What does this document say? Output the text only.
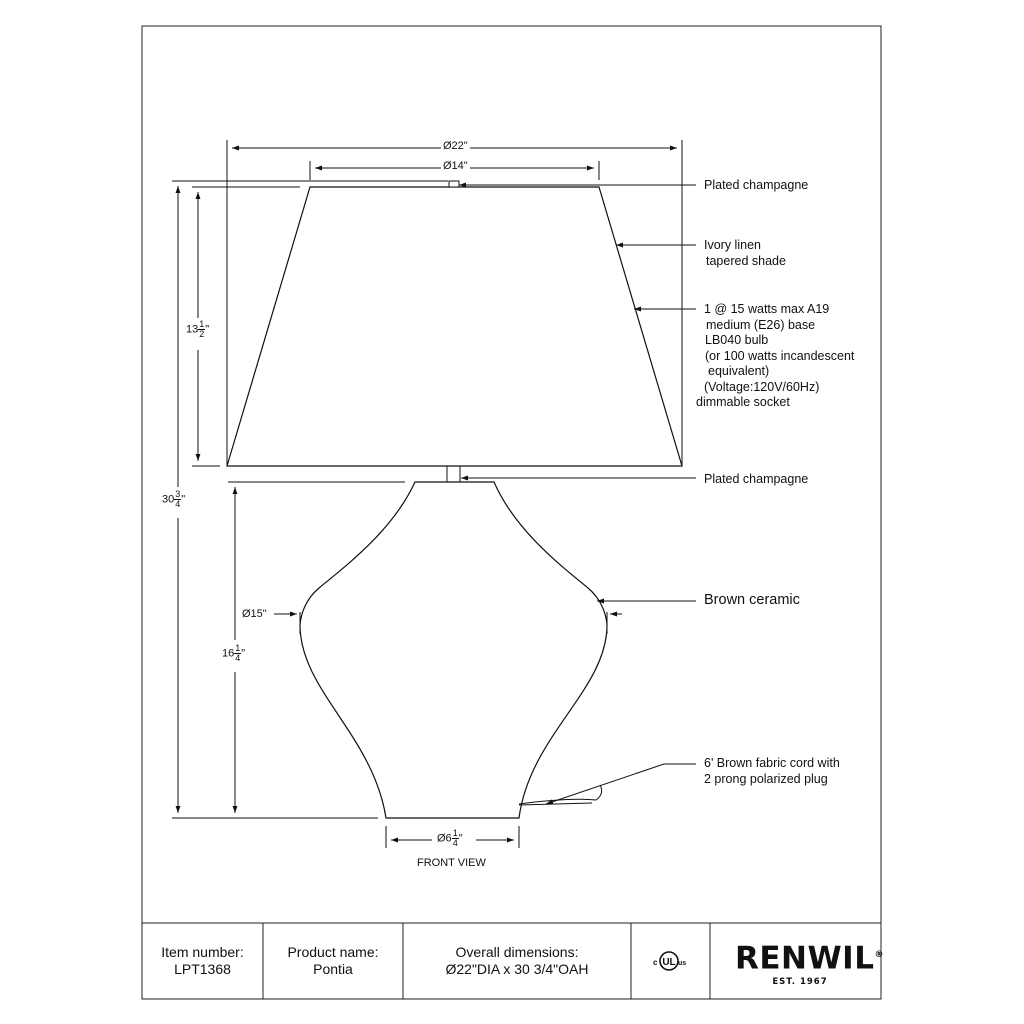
Ø22"
Ø14"
$13 \frac{1}{2}$ "
$30 \frac{3}{4}$ "
$16 \frac{1}{4}$ "
Ø15"
Ø6 $\frac{1}{4}$ "
FRONT VIEW
Plated champagne
Ivory linen
tapered shade
1 @ 15 watts max A19
medium (E26) base
LB040 bulb
(or 100 watts incandescent
equivalent)
(Voltage:120V/60Hz)
dimmable socket
Plated champagne
Brown ceramic
6' Brown fabric cord with
2 prong polarized plug
Item number:
LPT1368
Product name:
Pontia
Overall dimensions:
Ø22"DIA x 30 3/4"OAH	UL
c	us RENWIL®
EST. 1967
